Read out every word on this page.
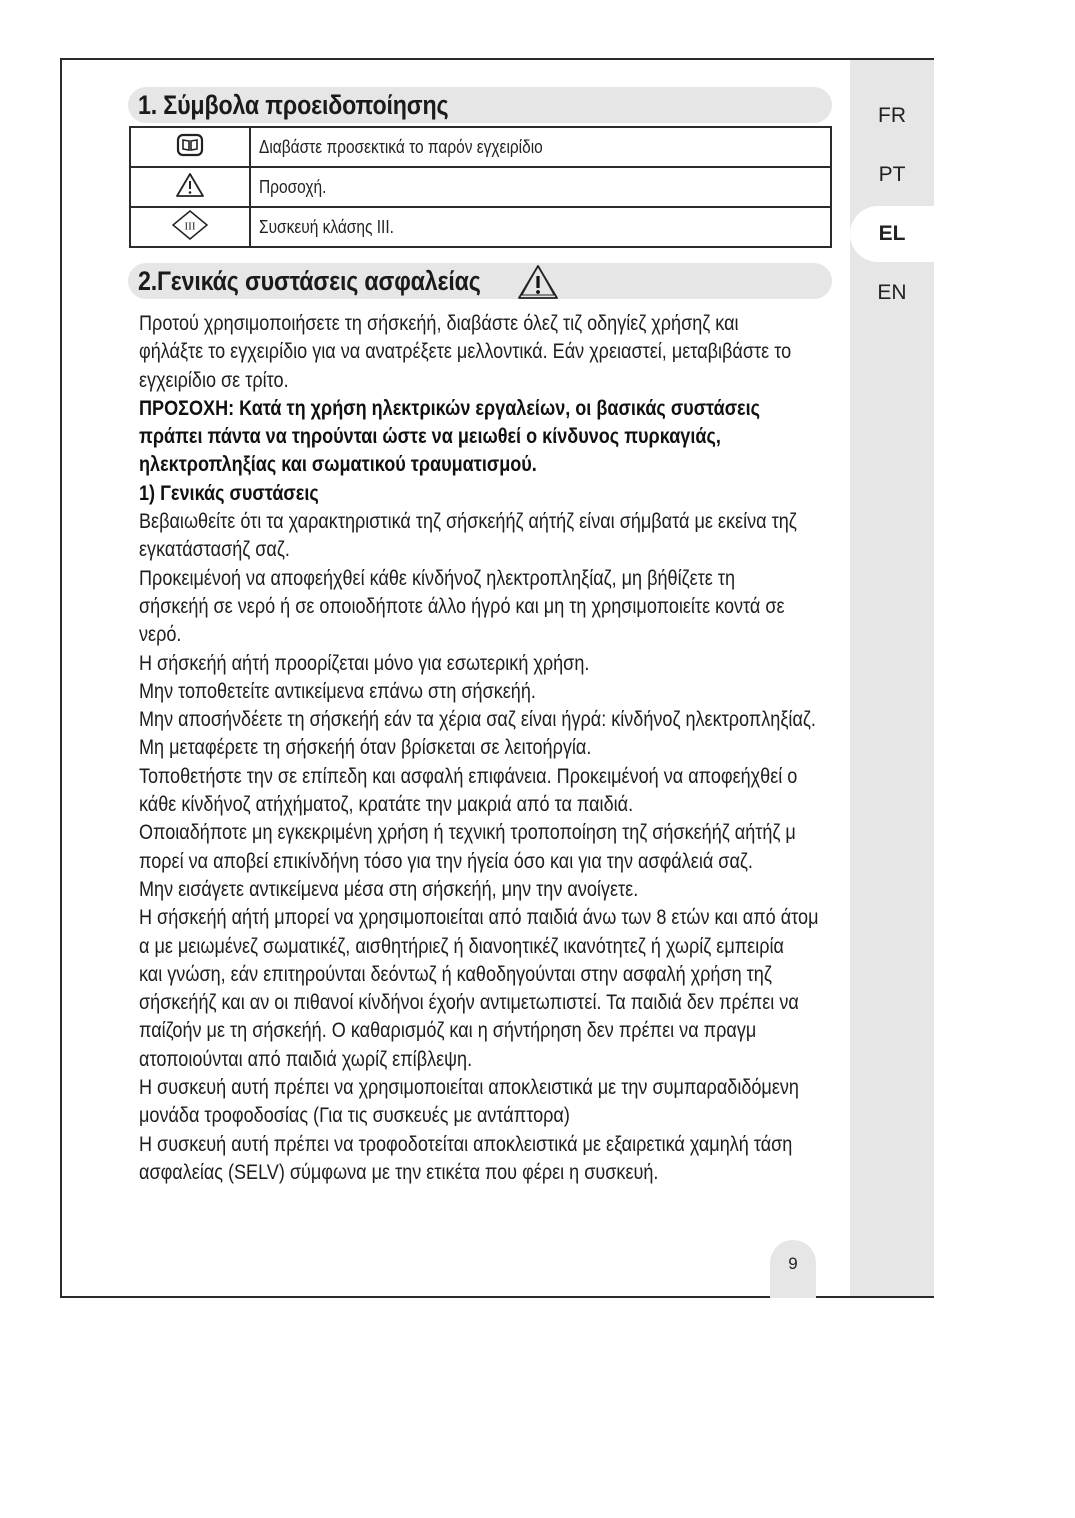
FR
PT
EL
EN
1. Σύμβολα προειδοποίησης
	Διαβάστε προσεκτικά το παρόν εγχειρίδιο
	Προσοχή.

III	Συσκευή κλάσης III.
2.Γενικάς συστάσεις ασφαλείας
Προτού χρησιμοποιήσετε τη σήσκεήή, διαβάστε όλεζ τιζ οδηγίεζ χρήσηζ και
φήλάξτε το εγχειρίδιο για να ανατρέξετε μελλοντικά. Εάν χρειαστεί, μεταβιβάστε το
εγχειρίδιο σε τρίτο.
ΠΡΟΣΟΧΗ: Κατά τη χρήση ηλεκτρικών εργαλείων, οι βασικάς συστάσεις
πράπει πάντα να τηρούνται ώστε να μειωθεί ο κίνδυνος πυρκαγιάς,
ηλεκτροπληξίας και σωματικού τραυματισμού.
1) Γενικάς συστάσεις
Βεβαιωθείτε ότι τα χαρακτηριστικά τηζ σήσκεήήζ αήτήζ είναι σήμβατά με εκείνα τηζ
εγκατάστασήζ σαζ.
Προκειμένοή να αποφεήχθεί κάθε κίνδήνοζ ηλεκτροπληξίαζ, μη βήθίζετε τη
σήσκεήή σε νερό ή σε οποιοδήποτε άλλο ήγρό και μη τη χρησιμοποιείτε κοντά σε
νερό.
Η σήσκεήή αήτή προορίζεται μόνο για εσωτερική χρήση.
Μην τοποθετείτε αντικείμενα επάνω στη σήσκεήή.
Μην αποσήνδέετε τη σήσκεήή εάν τα χέρια σαζ είναι ήγρά: κίνδήνοζ ηλεκτροπληξίαζ.
Μη μεταφέρετε τη σήσκεήή όταν βρίσκεται σε λειτοήργία.
Τοποθετήστε την σε επίπεδη και ασφαλή επιφάνεια. Προκειμένοή να αποφεήχθεί ο
κάθε κίνδήνοζ ατήχήματοζ, κρατάτε την μακριά από τα παιδιά.
Οποιαδήποτε μη εγκεκριμένη χρήση ή τεχνική τροποποίηση τηζ σήσκεήήζ αήτήζ μ
πορεί να αποβεί επικίνδήνη τόσο για την ήγεία όσο και για την ασφάλειά σαζ.
Μην εισάγετε αντικείμενα μέσα στη σήσκεήή, μην την ανοίγετε.
Η σήσκεήή αήτή μπορεί να χρησιμοποιείται από παιδιά άνω των 8 ετών και από άτομ
α με μειωμένεζ σωματικέζ, αισθητήριεζ ή διανοητικέζ ικανότητεζ ή χωρίζ εμπειρία
και γνώση, εάν επιτηρούνται δεόντωζ ή καθοδηγούνται στην ασφαλή χρήση τηζ
σήσκεήήζ και αν οι πιθανοί κίνδήνοι έχοήν αντιμετωπιστεί. Τα παιδιά δεν πρέπει να
παίζοήν με τη σήσκεήή. Ο καθαρισμόζ και η σήντήρηση δεν πρέπει να πραγμ
ατοποιούνται από παιδιά χωρίζ επίβλεψη.
Η συσκευή αυτή πρέπει να χρησιμοποιείται αποκλειστικά με την συμπαραδιδόμενη
μονάδα τροφοδοσίας (Για τις συσκευές με αντάπτορα)
Η συσκευή αυτή πρέπει να τροφοδοτείται αποκλειστικά με εξαιρετικά χαμηλή τάση
ασφαλείας (SELV) σύμφωνα με την ετικέτα που φέρει η συσκευή.
9
